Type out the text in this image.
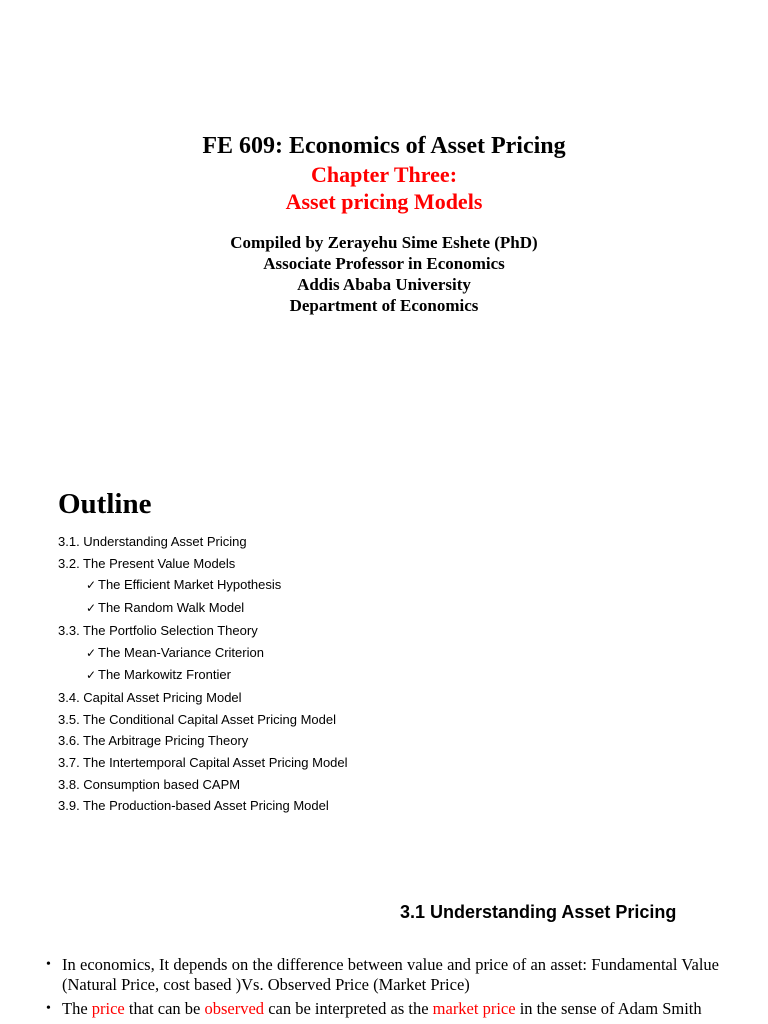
FE 609: Economics of Asset Pricing
Chapter Three:
Asset pricing Models
Compiled by Zerayehu Sime Eshete (PhD)
Associate Professor in Economics
Addis Ababa University
Department of Economics
Outline
3.1. Understanding Asset Pricing
3.2. The Present Value Models
✓ The Efficient Market Hypothesis
✓ The Random Walk Model
3.3. The Portfolio Selection Theory
✓ The Mean-Variance Criterion
✓ The Markowitz Frontier
3.4. Capital Asset Pricing Model
3.5. The Conditional Capital Asset Pricing Model
3.6. The Arbitrage Pricing Theory
3.7. The Intertemporal Capital Asset Pricing Model
3.8. Consumption based CAPM
3.9. The Production-based Asset Pricing Model
3.1 Understanding Asset Pricing
• In economics, It depends on the difference between value and price of an asset: Fundamental Value (Natural Price, cost based )Vs. Observed Price (Market Price)
• The price that can be observed can be interpreted as the market price in the sense of Adam Smith
